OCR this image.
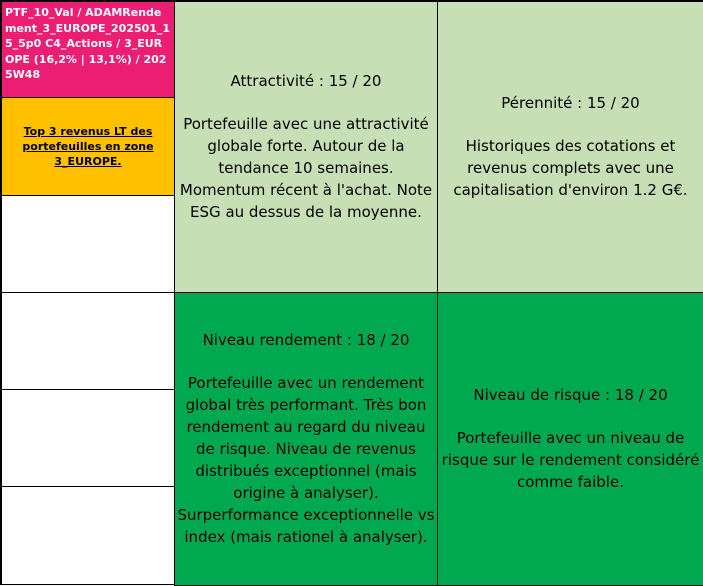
PTF_10_Val / ADAMRendement_3_EUROPE_202501_15_5p0 C4_Actions / 3_EUROPE (16,2% | 13,1%) / 2025W48
Top 3 revenus LT des portefeuilles en zone 3_EUROPE.
Attractivité : 15 / 20
Portefeuille avec une attractivité globale forte. Autour de la tendance 10 semaines. Momentum récent à l'achat. Note ESG au dessus de la moyenne.
Pérennité : 15 / 20
Historiques des cotations et revenus complets avec une capitalisation d'environ 1.2 G€.
Niveau rendement : 18 / 20
Portefeuille avec un rendement global très performant. Très bon rendement au regard du niveau de risque. Niveau de revenus distribués exceptionnel (mais origine à analyser). Surperformance exceptionnelle vs index (mais rationel à analyser).
Niveau de risque : 18 / 20
Portefeuille avec un niveau de risque sur le rendement considéré comme faible.
